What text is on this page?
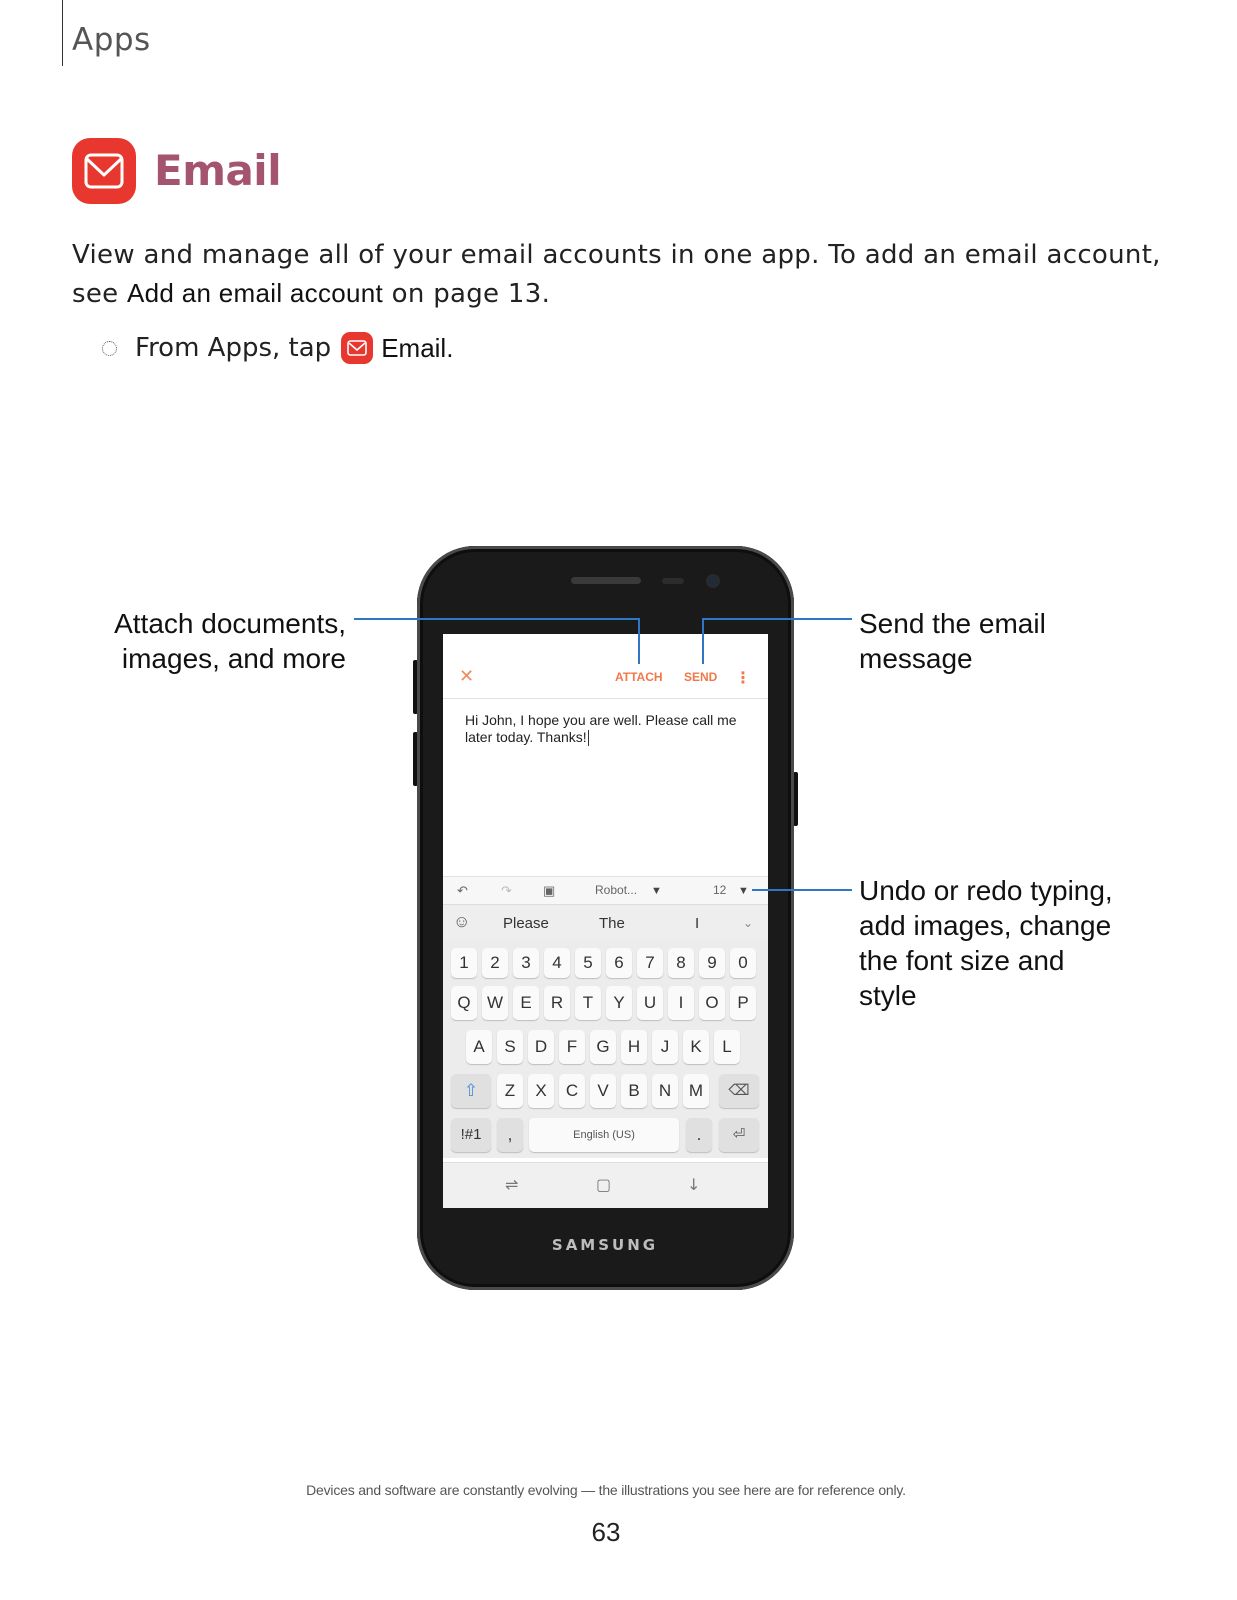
Apps
Email
View and manage all of your email accounts in one app. To add an email account, see Add an email account on page 13.
From Apps, tap Email.
Attach documents,
images, and more
Send the email
message
Undo or redo typing,
add images, change
the font size and
style
SAMSUNG
✕	ATTACH SEND ⋮
Hi John, I hope you are well. Please call me later today. Thanks!
↶	↷ ▣	Robot... ▼	12 ▼
☺ Please	The	I	⌄
1	2	3	4	5	6	7	8	9	0
Q W	E	R	T	Y	U	I	O	P
A	S	D	F	G	H	J	K	L
⇧	Z	X	C	V	B	N	M	⌫
!#1	,	English (US)	.	⏎
⇌	▢	↓
Devices and software are constantly evolving — the illustrations you see here are for reference only.
63
